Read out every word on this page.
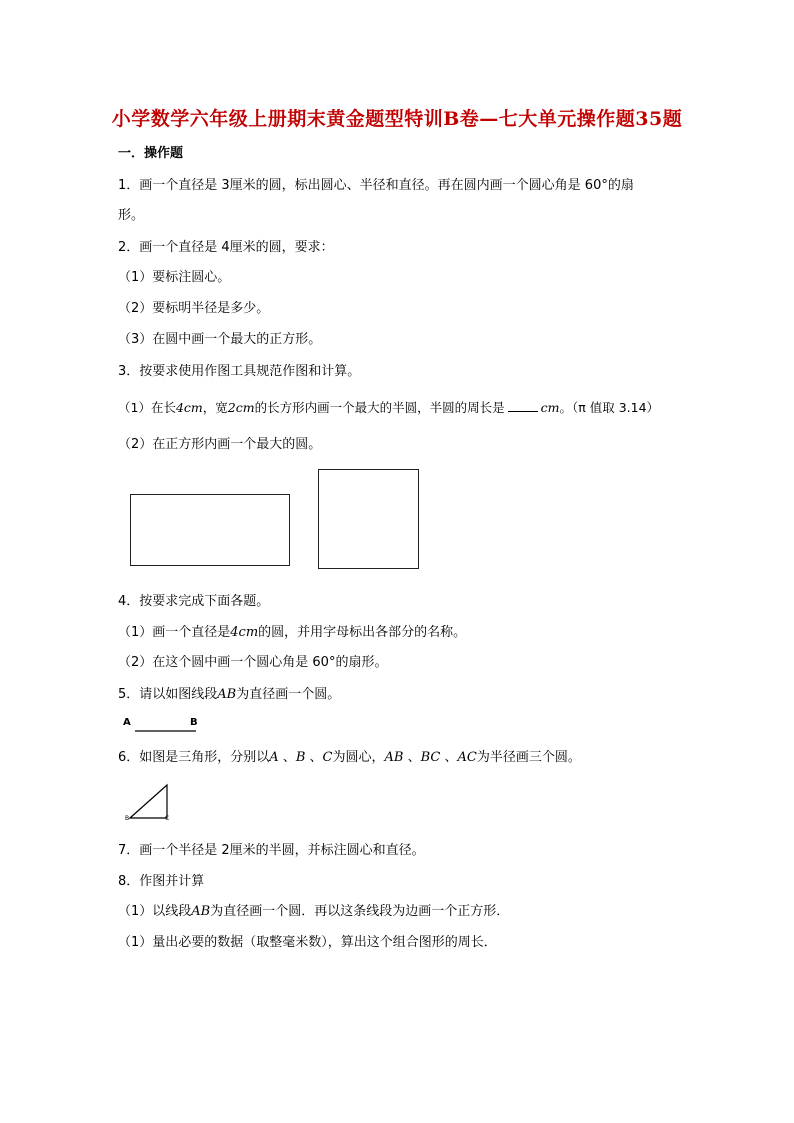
小学数学六年级上册期末黄金题型特训B卷—七大单元操作题35题
一．操作题
1．画一个直径是 3厘米的圆，标出圆心、半径和直径。再在圆内画一个圆心角是 60°的扇
形。
2．画一个直径是 4厘米的圆，要求：
（1）要标注圆心。
（2）要标明半径是多少。
（3）在圆中画一个最大的正方形。
3．按要求使用作图工具规范作图和计算。
（1）在长4cm，宽2cm的长方形内画一个最大的半圆，半圆的周长是	cm。（π 值取 3.14）
（2）在正方形内画一个最大的圆。
4．按要求完成下面各题。
（1）画一个直径是4cm的圆，并用字母标出各部分的名称。
（2）在这个圆中画一个圆心角是 60°的扇形。
5．请以如图线段AB为直径画一个圆。
A	B
6．如图是三角形，分别以A 、B 、C为圆心，AB 、BC 、AC为半径画三个圆。
B	C
7．画一个半径是 2厘米的半圆，并标注圆心和直径。
8．作图并计算
（1）以线段AB为直径画一个圆．再以这条线段为边画一个正方形．
（1）量出必要的数据（取整毫米数），算出这个组合图形的周长．
